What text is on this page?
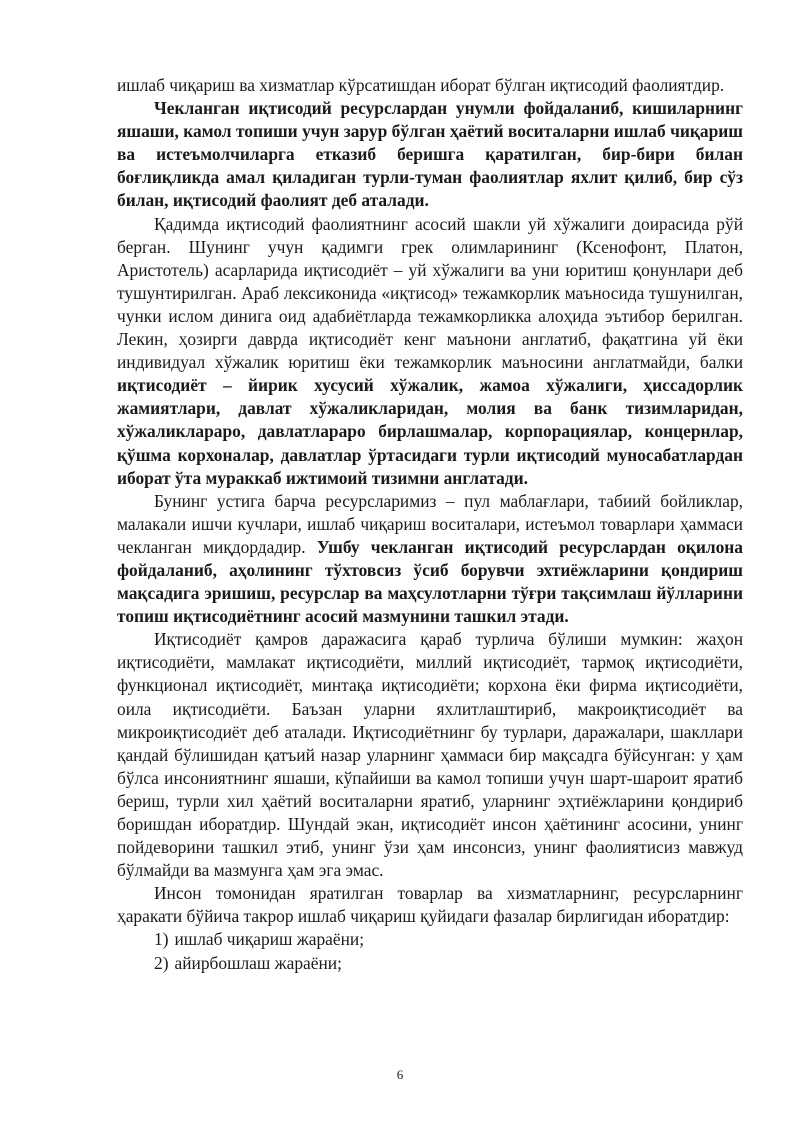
ишлаб чиқариш ва хизматлар кўрсатишдан иборат бўлган иқтисодий фаолиятдир.

Чекланган иқтисодий ресурслардан унумли фойдаланиб, кишиларнинг яшаши, камол топиши учун зарур бўлган ҳаётий воситаларни ишлаб чиқариш ва истеъмолчиларга етказиб беришга қаратилган, бир-бири билан боғлиқликда амал қиладиган турли-туман фаолиятлар яхлит қилиб, бир сўз билан, иқтисодий фаолият деб аталади.

Қадимда иқтисодий фаолиятнинг асосий шакли уй хўжалиги доирасида рўй берган. Шунинг учун қадимги грек олимларининг (Ксенофонт, Платон, Аристотель) асарларида иқтисодиёт – уй хўжалиги ва уни юритиш қонунлари деб тушунтирилган. Араб лексиконида «иқтисод» тежамкорлик маъносида тушунилган, чунки ислом динига оид адабиётларда тежамкорликка алоҳида эътибор берилган. Лекин, ҳозирги даврда иқтисодиёт кенг маънони англатиб, фақатгина уй ёки индивидуал хўжалик юритиш ёки тежамкорлик маъносини англатмайди, балки иқтисодиёт – йирик хусусий хўжалик, жамоа хўжалиги, ҳиссадорлик жамиятлари, давлат хўжаликларидан, молия ва банк тизимларидан, хўжаликлараро, давлатлараро бирлашмалар, корпорациялар, концернлар, қўшма корхоналар, давлатлар ўртасидаги турли иқтисодий муносабатлардан иборат ўта мураккаб ижтимоий тизимни англатади.

Бунинг устига барча ресурсларимиз – пул маблағлари, табиий бойликлар, малакали ишчи кучлари, ишлаб чиқариш воситалари, истеъмол товарлари ҳаммаси чекланган миқдордадир. Ушбу чекланган иқтисодий ресурслардан оқилона фойдаланиб, аҳолининг тўхтовсиз ўсиб борувчи эхтиёжларини қондириш мақсадига эришиш, ресурслар ва маҳсулотларни тўғри тақсимлаш йўлларини топиш иқтисодиётнинг асосий мазмунини ташкил этади.

Иқтисодиёт қамров даражасига қараб турлича бўлиши мумкин: жаҳон иқтисодиёти, мамлакат иқтисодиёти, миллий иқтисодиёт, тармоқ иқтисодиёти, функционал иқтисодиёт, минтақа иқтисодиёти; корхона ёки фирма иқтисодиёти, оила иқтисодиёти. Баъзан уларни яхлитлаштириб, макроиқтисодиёт ва микроиқтисодиёт деб аталади. Иқтисодиётнинг бу турлари, даражалари, шакллари қандай бўлишидан қатъий назар уларнинг ҳаммаси бир мақсадга бўйсунган: у ҳам бўлса инсониятнинг яшаши, кўпайиши ва камол топиши учун шарт-шароит яратиб бериш, турли хил ҳаётий воситаларни яратиб, уларнинг эҳтиёжларини қондириб боришдан иборатдир. Шундай экан, иқтисодиёт инсон ҳаётининг асосини, унинг пойдеворини ташкил этиб, унинг ўзи ҳам инсонсиз, унинг фаолиятисиз мавжуд бўлмайди ва мазмунга ҳам эга эмас.

Инсон томонидан яратилган товарлар ва хизматларнинг, ресурсларнинг ҳаракати бўйича такрор ишлаб чиқариш қуйидаги фазалар бирлигидан иборатдир:

1) ишлаб чиқариш жараёни;

2) айирбошлаш жараёни;

6
